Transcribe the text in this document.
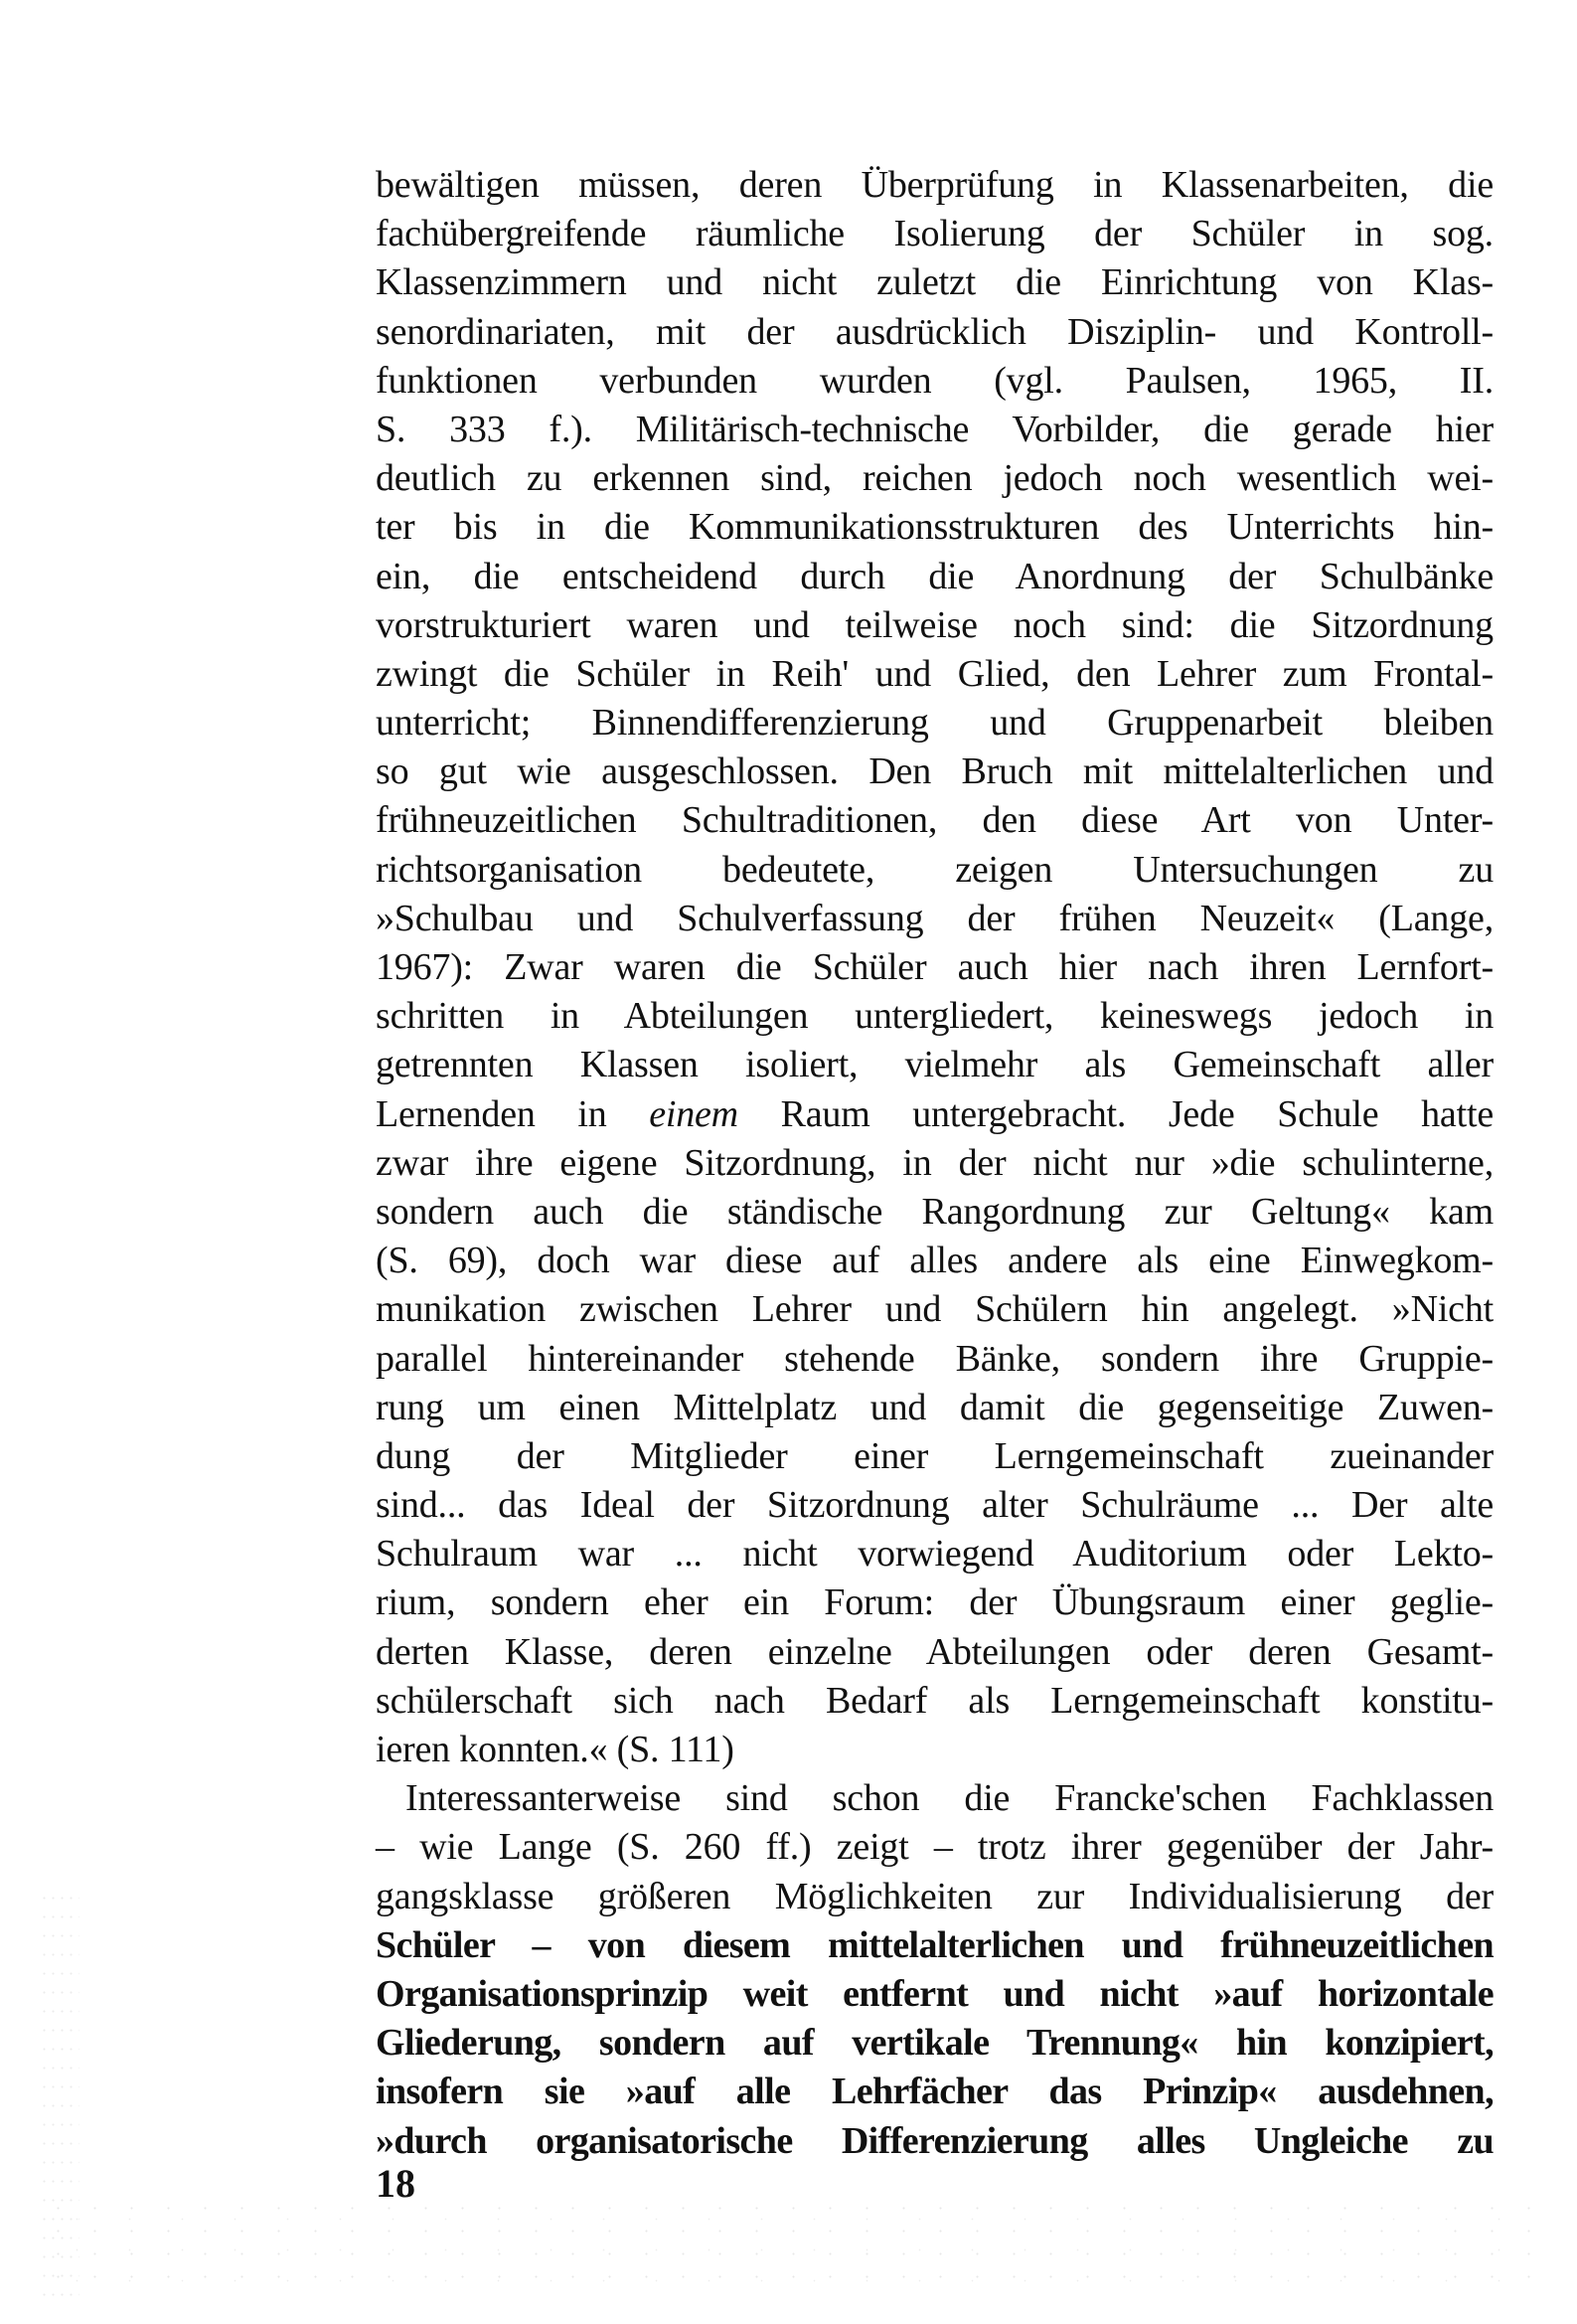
bewältigen müssen, deren Überprüfung in Klassenarbeiten, die
fachübergreifende räumliche Isolierung der Schüler in sog.
Klassenzimmern und nicht zuletzt die Einrichtung von Klas-
senordinariaten, mit der ausdrücklich Disziplin- und Kontroll-
funktionen verbunden wurden (vgl. Paulsen, 1965, II.
S. 333 f.). Militärisch-technische Vorbilder, die gerade hier
deutlich zu erkennen sind, reichen jedoch noch wesentlich wei-
ter bis in die Kommunikationsstrukturen des Unterrichts hin-
ein, die entscheidend durch die Anordnung der Schulbänke
vorstrukturiert waren und teilweise noch sind: die Sitzordnung
zwingt die Schüler in Reih' und Glied, den Lehrer zum Frontal-
unterricht; Binnendifferenzierung und Gruppenarbeit bleiben
so gut wie ausgeschlossen. Den Bruch mit mittelalterlichen und
frühneuzeitlichen Schultraditionen, den diese Art von Unter-
richtsorganisation bedeutete, zeigen Untersuchungen zu
»Schulbau und Schulverfassung der frühen Neuzeit« (Lange,
1967): Zwar waren die Schüler auch hier nach ihren Lernfort-
schritten in Abteilungen untergliedert, keineswegs jedoch in
getrennten Klassen isoliert, vielmehr als Gemeinschaft aller
Lernenden in einem Raum untergebracht. Jede Schule hatte
zwar ihre eigene Sitzordnung, in der nicht nur »die schulinterne,
sondern auch die ständische Rangordnung zur Geltung« kam
(S. 69), doch war diese auf alles andere als eine Einwegkom-
munikation zwischen Lehrer und Schülern hin angelegt. »Nicht
parallel hintereinander stehende Bänke, sondern ihre Gruppie-
rung um einen Mittelplatz und damit die gegenseitige Zuwen-
dung der Mitglieder einer Lerngemeinschaft zueinander
sind... das Ideal der Sitzordnung alter Schulräume ... Der alte
Schulraum war ... nicht vorwiegend Auditorium oder Lekto-
rium, sondern eher ein Forum: der Übungsraum einer geglie-
derten Klasse, deren einzelne Abteilungen oder deren Gesamt-
schülerschaft sich nach Bedarf als Lerngemeinschaft konstitu-
ieren konnten.« (S. 111)
Interessanterweise sind schon die Francke'schen Fachklassen
– wie Lange (S. 260 ff.) zeigt – trotz ihrer gegenüber der Jahr-
gangsklasse größeren Möglichkeiten zur Individualisierung der
Schüler – von diesem mittelalterlichen und frühneuzeitlichen
Organisationsprinzip weit entfernt und nicht »auf horizontale
Gliederung, sondern auf vertikale Trennung« hin konzipiert,
insofern sie »auf alle Lehrfächer das Prinzip« ausdehnen,
»durch organisatorische Differenzierung alles Ungleiche zu
18
